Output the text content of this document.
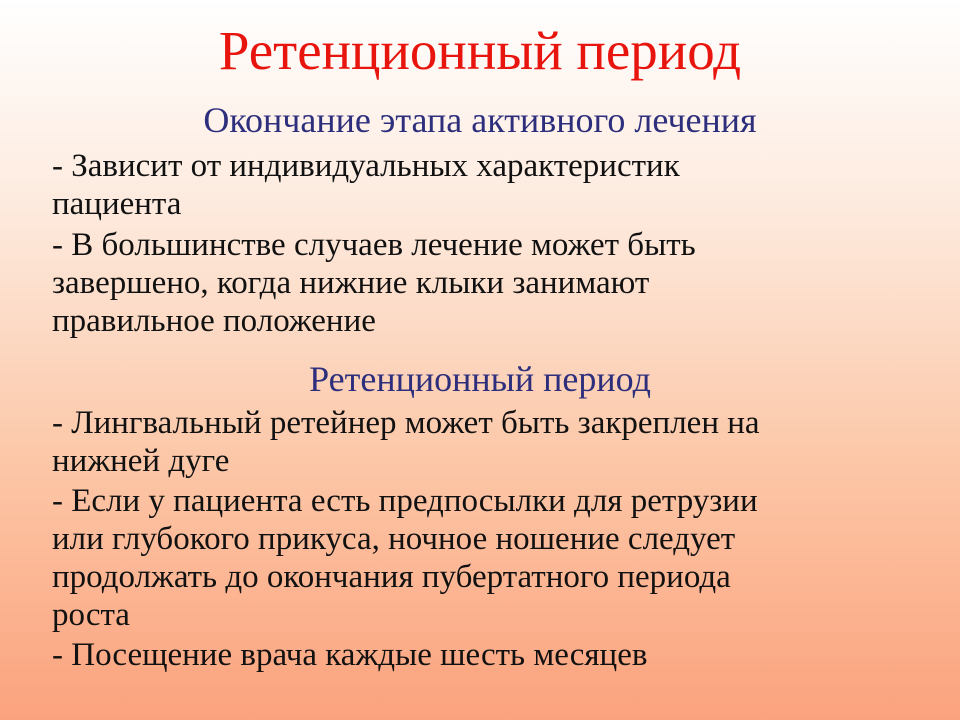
Ретенционный период
Окончание этапа активного лечения
- Зависит от индивидуальных характеристик
пациента
- В большинстве случаев лечение может быть
завершено, когда нижние клыки занимают
правильное положение
Ретенционный период
- Лингвальный ретейнер может быть закреплен на
нижней дуге
- Если у пациента есть предпосылки для ретрузии
или глубокого прикуса, ночное ношение следует
продолжать до окончания пубертатного периода
роста
- Посещение врача каждые шесть месяцев
